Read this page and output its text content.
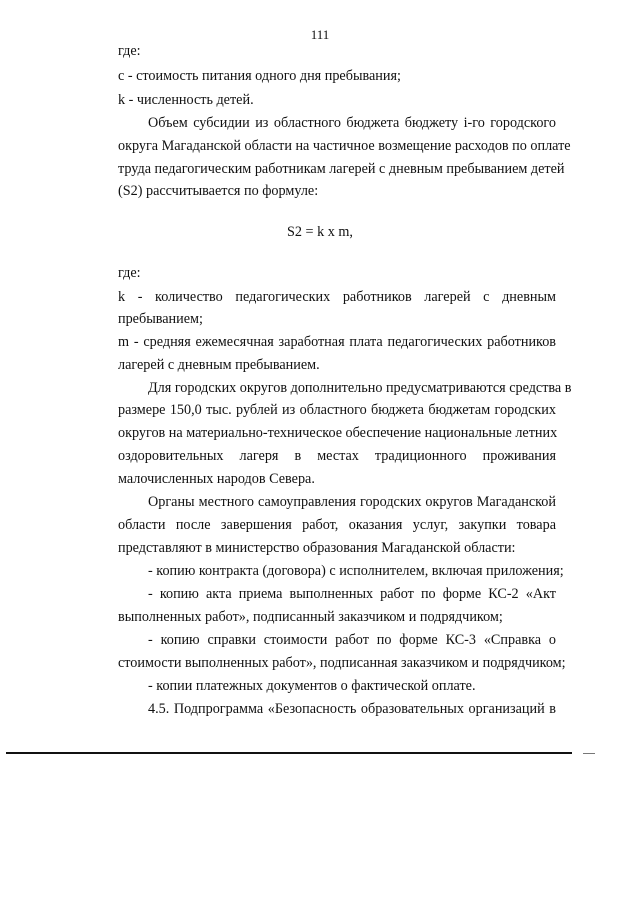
111
где:
c - стоимость питания одного дня пребывания;
k - численность детей.
Объем субсидии из областного бюджета бюджету i-го городского
округа Магаданской области на частичное возмещение расходов по оплате
труда педагогическим работникам лагерей с дневным пребыванием детей
(S2) рассчитывается по формуле:
S2 = k x m,
где:
k - количество педагогических работников лагерей с дневным
пребыванием;
m - средняя ежемесячная заработная плата педагогических работников
лагерей с дневным пребыванием.
Для городских округов дополнительно предусматриваются средства в
размере 150,0 тыс. рублей из областного бюджета бюджетам городских
округов на материально-техническое обеспечение национальные летних
оздоровительных лагеря в местах традиционного проживания
малочисленных народов Севера.
Органы местного самоуправления городских округов Магаданской
области после завершения работ, оказания услуг, закупки товара
представляют в министерство образования Магаданской области:
- копию контракта (договора) с исполнителем, включая приложения;
- копию акта приема выполненных работ по форме КС-2 «Акт
выполненных работ», подписанный заказчиком и подрядчиком;
- копию справки стоимости работ по форме КС-3 «Справка о
стоимости выполненных работ», подписанная заказчиком и подрядчиком;
- копии платежных документов о фактической оплате.
4.5. Подпрограмма «Безопасность образовательных организаций в
